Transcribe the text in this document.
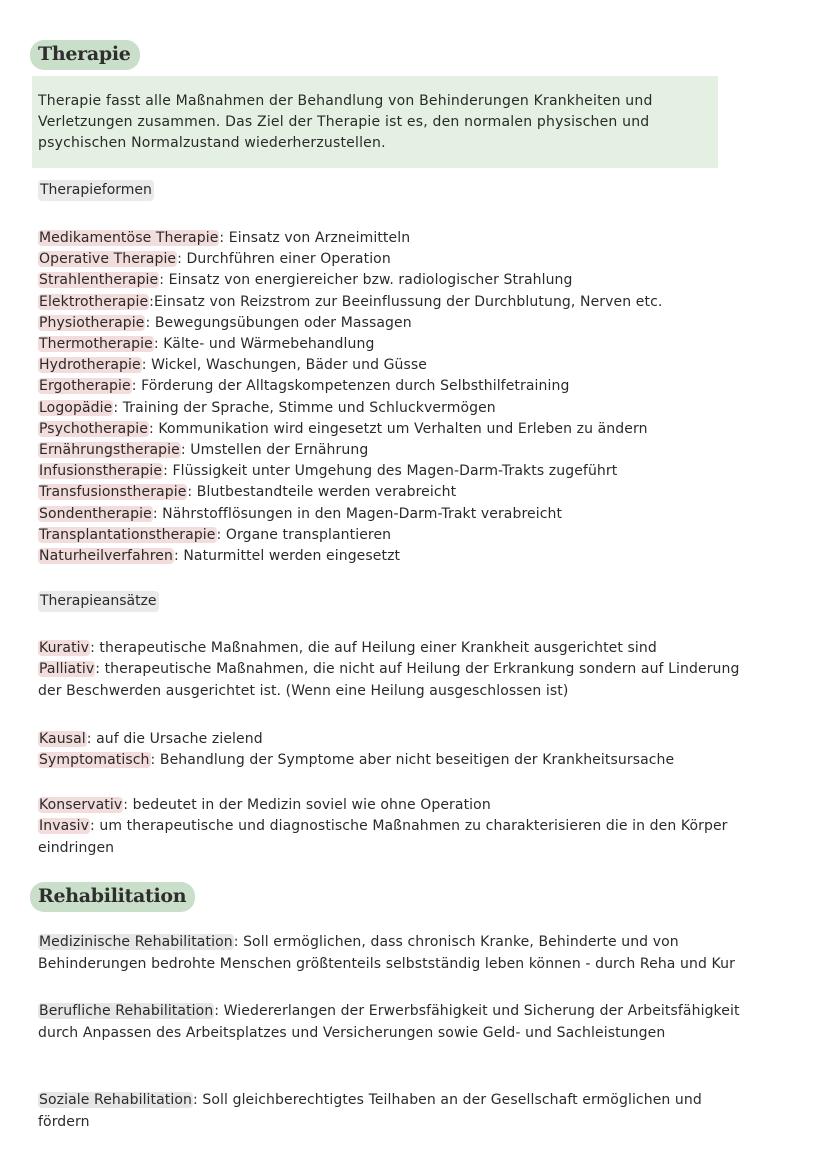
Therapie
Therapie fasst alle Maßnahmen der Behandlung von Behinderungen Krankheiten und Verletzungen zusammen. Das Ziel der Therapie ist es, den normalen physischen und psychischen Normalzustand wiederherzustellen.
Therapieformen
Medikamentöse Therapie: Einsatz von Arzneimitteln
Operative Therapie: Durchführen einer Operation
Strahlentherapie: Einsatz von energiereicher bzw. radiologischer Strahlung
Elektrotherapie:Einsatz von Reizstrom zur Beeinflussung der Durchblutung, Nerven etc.
Physiotherapie: Bewegungsübungen oder Massagen
Thermotherapie: Kälte- und Wärmebehandlung
Hydrotherapie: Wickel, Waschungen, Bäder und Güsse
Ergotherapie: Förderung der Alltagskompetenzen durch Selbsthilfetraining
Logopädie: Training der Sprache, Stimme und Schluckvermögen
Psychotherapie: Kommunikation wird eingesetzt um Verhalten und Erleben zu ändern
Ernährungstherapie: Umstellen der Ernährung
Infusionstherapie: Flüssigkeit unter Umgehung des Magen-Darm-Trakts zugeführt
Transfusionstherapie: Blutbestandteile werden verabreicht
Sondentherapie: Nährstofflösungen in den Magen-Darm-Trakt verabreicht
Transplantationstherapie: Organe transplantieren
Naturheilverfahren: Naturmittel werden eingesetzt
Therapieansätze
Kurativ: therapeutische Maßnahmen, die auf Heilung einer Krankheit ausgerichtet sind
Palliativ: therapeutische Maßnahmen, die nicht auf Heilung der Erkrankung sondern auf Linderung der Beschwerden ausgerichtet ist. (Wenn eine Heilung ausgeschlossen ist)
Kausal: auf die Ursache zielend
Symptomatisch: Behandlung der Symptome aber nicht beseitigen der Krankheitsursache
Konservativ: bedeutet in der Medizin soviel wie ohne Operation
Invasiv: um therapeutische und diagnostische Maßnahmen zu charakterisieren die in den Körper eindringen
Rehabilitation
Medizinische Rehabilitation: Soll ermöglichen, dass chronisch Kranke, Behinderte und von Behinderungen bedrohte Menschen größtenteils selbstständig leben können - durch Reha und Kur
Berufliche Rehabilitation: Wiedererlangen der Erwerbsfähigkeit und Sicherung der Arbeitsfähigkeit durch Anpassen des Arbeitsplatzes und Versicherungen sowie Geld- und Sachleistungen
Soziale Rehabilitation: Soll gleichberechtigtes Teilhaben an der Gesellschaft ermöglichen und fördern
